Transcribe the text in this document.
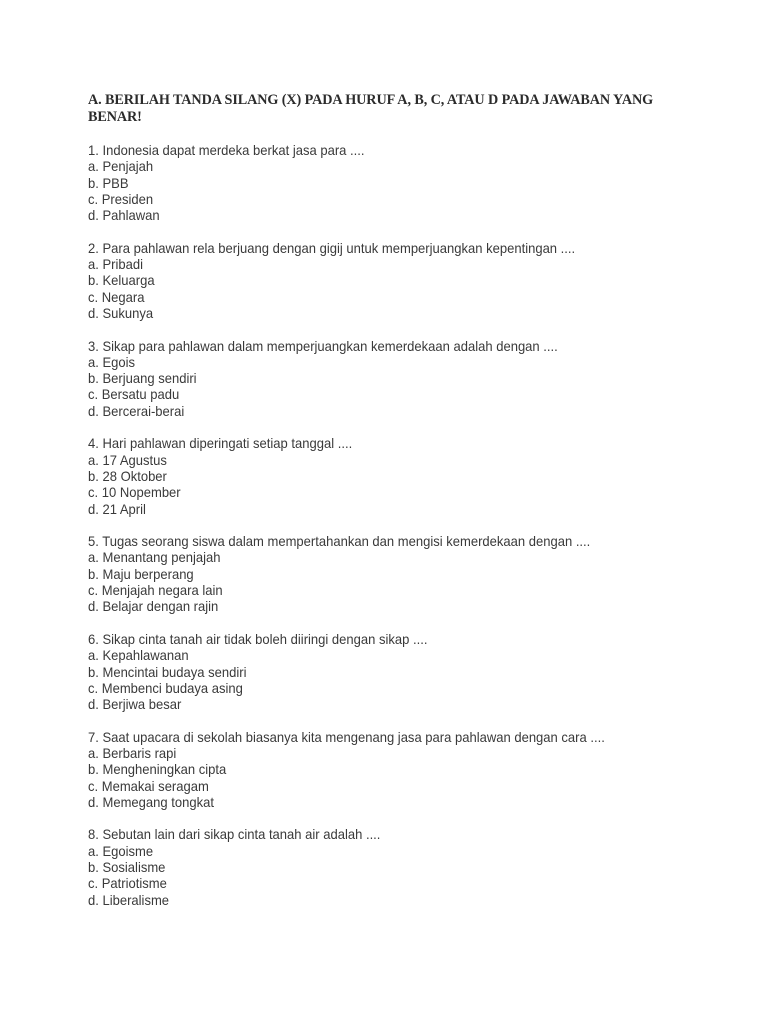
A. BERILAH TANDA SILANG (X) PADA HURUF A, B, C, ATAU D PADA JAWABAN YANG BENAR!
1. Indonesia dapat merdeka berkat jasa para ....
a. Penjajah
b. PBB
c. Presiden
d. Pahlawan
2. Para pahlawan rela berjuang dengan gigij untuk memperjuangkan kepentingan ....
a. Pribadi
b. Keluarga
c. Negara
d. Sukunya
3. Sikap para pahlawan dalam memperjuangkan kemerdekaan adalah dengan ....
a. Egois
b. Berjuang sendiri
c. Bersatu padu
d. Bercerai-berai
4. Hari pahlawan diperingati setiap tanggal ....
a. 17 Agustus
b. 28 Oktober
c. 10 Nopember
d. 21 April
5. Tugas seorang siswa dalam mempertahankan dan mengisi kemerdekaan dengan ....
a. Menantang penjajah
b. Maju berperang
c. Menjajah negara lain
d. Belajar dengan rajin
6. Sikap cinta tanah air tidak boleh diiringi dengan sikap ....
a. Kepahlawanan
b. Mencintai budaya sendiri
c. Membenci budaya asing
d. Berjiwa besar
7. Saat upacara di sekolah biasanya kita mengenang jasa para pahlawan dengan cara ....
a. Berbaris rapi
b. Mengheningkan cipta
c. Memakai seragam
d. Memegang tongkat
8. Sebutan lain dari sikap cinta tanah air adalah ....
a. Egoisme
b. Sosialisme
c. Patriotisme
d. Liberalisme
